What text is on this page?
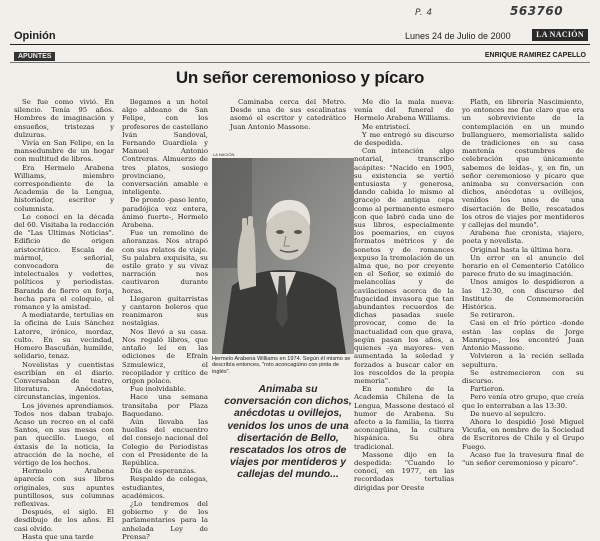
P. 4	563760
Opinión	Lunes 24 de Julio de 2000	LA NACIÓN
APUNTES	ENRIQUE RAMIREZ CAPELLO
Un señor ceremonioso y pícaro

Se fue como vivió. En silencio. Tenía 95 años. Hombres de imaginación y ensueños, tristezas y dulzuras.

Vivía en San Felipe, en la mansedumbre de un hogar con multitud de libros.

Era Hermelo Arabena Williams, miembro correspondiente de la Academia de la Lengua, historiador, escritor y columnista.

Lo conocí en la década del 60. Visitaba la redacción de "Las Ultimas Noticias". Edificio de origen aristocrático. Escala de mármol, señorial, convocadora de intelectuales y vedettes, políticos y periodistas. Baranda de fierro en forja, hecha para el coloquio, el romance y la amistad.

A mediatarde, tertulias en la oficina de Luis Sánchez Latorre, irónico, mordaz, culto. En su vecindad, Homero Bascuñán, humilde, solidario, tenaz.

Novelistas y cuentistas escribían en el diario. Conversaban de teatro, literatura. Anécdotas, circunstancias, ingenios.

Los jóvenes aprendíamos. Todos nos daban trabajo. Acaso un recreo en el café Santos, en sus mesas con pan quecillo. Luego, el éxtasis de la noticia, la atracción de la noche, el vértigo de los hechos.

Hermelo Arabena aparecía con sus libros originales, sus apuntes puntillosos, sus columnas reflexivas.

Después, el siglo. El desdibujo de los años. El casi olvido.

Hasta que una tarde

llegamos a un hotel algo aldeano de San Felipe, con los profesores de castellano Iván Sandoval, Fernando Guardiola y Manuel Antonio Contreras. Almuerzo de tres platos, sosiego provinciano, conversación amable e inteligente.

De pronto -paso lento, paradójica voz entera, ánimo fuerte-, Hermelo Arabena.

Fue un remolino de añoranzas. Nos atrapó con sus relatos de viaje. Su palabra exquisita, su estilo grato y su vivaz narración nos cautivaron durante horas.

Llegaron guitarristas y cantaron boleros que reanimaron sus nostalgias.

Nos llevó a su casa. Nos regaló libros, que antaño leí en las ediciones de Efraín Szmulewicz, el recopilador y crítico de origen polaco.

Fue inolvidable.

Hace una semana transitaba por Plaza Baquedano.

Aún llevaba las huellas del encuentro del consejo nacional del Colegio de Periodistas con el Presidente de la República.

Día de esperanzas.

Respaldo de colegas, estudiantes, académicos.

¿Lo tendremos del gobierno y de los parlamentarios para la anhelada Ley de Prensa?

Caminaba cerca del Metro. Desde una de sus escalinatas asomó el escritor y catedrático Juan Antonio Massone.

Me dio la mala nueva: venía del funeral de Hermelo Arabena Williams.

Me entristecí.

Y me entregó su discurso de despedida.

Con intención algo notarial, transcribo acápites: "Nacido en 1905, su existencia se vertió entusiasta y generosa, dando cabida lo mismo al gracejo de antigua cepa como al permanente esmero con que labró cada uno de sus libros, especialmente los poemarios, en cuyos formatos métricos y de sonetos y de romances expuso la tremolación de un alma que, no por creyente en el Señor, se eximió de melancolías y de cavilaciones acerca de la fugacidad invasora que tan abundantes recuerdos de dichas pasadas suele provocar, como de la inactualidad con que grava, según pasan los años, a quienes -ya mayores- ven aumentada la soledad y forzados a buscar calor en los rescoldos de la propia memoria".

En nombre de la Academia Chilena de la Lengua, Massone destacó el humor de Arabena. Su afecto a la familia, la tierra aconcagüina, la cultura hispánica. Su obra tradicional.

Massone dijo en la despedida: "Cuando lo conocí, en 1977, en las recordadas tertulias dirigidas por Oreste

Plath, en librería Nascimiento, yo entonces me fue claro que era un sobreviviente de la contemplación en un mundo bullanguero, memorialista salido de tradiciones en su casa mantenía costumbres de celebración que únicamente sabemos de leídas-, y, en fin, un señor ceremonioso y pícaro que animaba su conversación con dichos, anécdotas u ovillejos, venidos los unos de una disertación de Bello, rescatados los otros de viajes por mentideros y callejas del mundo".

Arabena fue cronista, viajero, poeta y novelista.

Original hasta la última hora.

Un error en el anuncio del horario en el Cementerio Católico parece fruto de su imaginación.

Unos amigos lo despidieron a las 12:30, con discurso del Instituto de Conmemoración Histórica.

Se retiraron.

Casi en el frío pórtico -donde están las coplas de Jorge Manrique-, los encontró Juan Antonio Massone.

Volvieron a la recién sellada sepultura.

Se estremecieron con su discurso.

Partieron.

Pero venía otro grupo, que creía que lo enterraban a las 13:30.

De nuevo al sepulcro.

Ahora lo despidió José Miguel Vicuña, en nombre de la Sociedad de Escritores de Chile y el Grupo Fuego.

Acaso fue la travesura final de "un señor ceremonioso y pícaro".

LA NACIÓN
Hermelo Arabena Williams en 1974. Según él mismo se describía entonces, "roto aconcagüino con pinta de inglés".
Animaba su conversación con dichos, anécdotas u ovillejos, venidos los unos de una disertación de Bello, rescatados los otros de viajes por mentideros y callejas del mundo...
